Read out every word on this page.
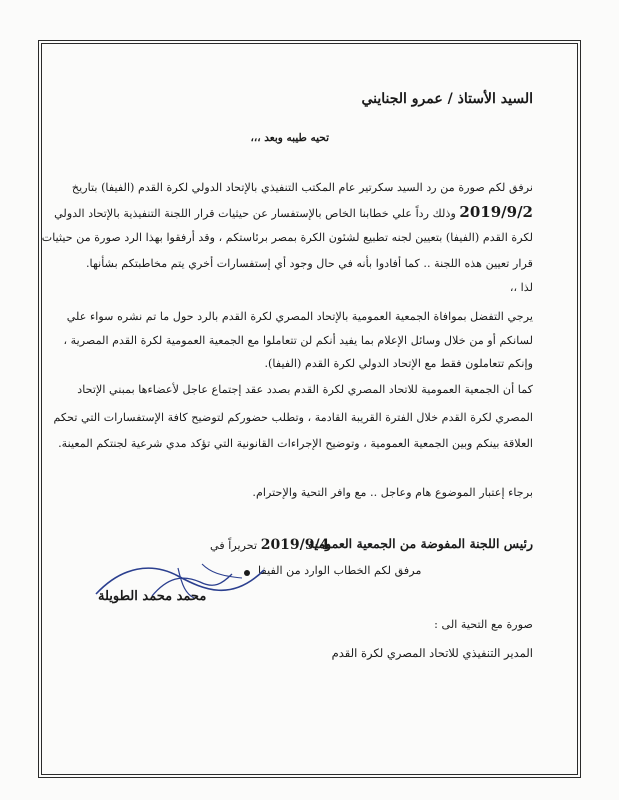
السيد الأستاذ / عمرو الجنايني
تحيه طيبه وبعد ،،،
نرفق لكم صورة من رد السيد سكرتير عام المكتب التنفيذي بالإتحاد الدولي لكرة القدم (الفيفا) بتاريخ
2019/9/2 وذلك رداً علي خطابنا الخاص بالإستفسار عن حيثيات قرار اللجنة التنفيذية بالإتحاد الدولي
لكرة القدم (الفيفا) بتعيين لجنه تطبيع لشئون الكرة بمصر برئاستكم ، وقد أرفقوا بهذا الرد صورة من حيثيات
قرار تعيين هذه اللجنة .. كما أفادوا بأنه في حال وجود أي إستفسارات أخري يتم مخاطبتكم بشأنها.
لذا ،،
يرجي التفضل بموافاة الجمعية العمومية بالإتحاد المصري لكرة القدم بالرد حول ما تم نشره سواء علي
لسانكم أو من خلال وسائل الإعلام بما يفيد أنكم لن تتعاملوا مع الجمعية العمومية لكرة القدم المصرية ،
وإنكم تتعاملون فقط مع الإتحاد الدولي لكرة القدم (الفيفا).
كما أن الجمعية العمومية للاتحاد المصري لكرة القدم بصدد عقد إجتماع عاجل لأعضاءها بمبني الإتحاد
المصري لكرة القدم خلال الفترة القريبة القادمة ، وتطلب حضوركم لتوضيح كافة الإستفسارات التي تحكم
العلاقة بينكم وبين الجمعية العمومية ، وتوضيح الإجراءات القانونية التي تؤكد مدي شرعية لجنتكم المعينة.
برجاء إعتبار الموضوع هام وعاجل .. مع وافر التحية والإحترام.
2019/9/4 تحريراً في	رئيس اللجنة المفوضة من الجمعية العمومية
مرفق لكم الخطاب الوارد من الفيفا
محمد محمد الطويلة
صورة مع التحية الى :
المدير التنفيذي للاتحاد المصري لكرة القدم
